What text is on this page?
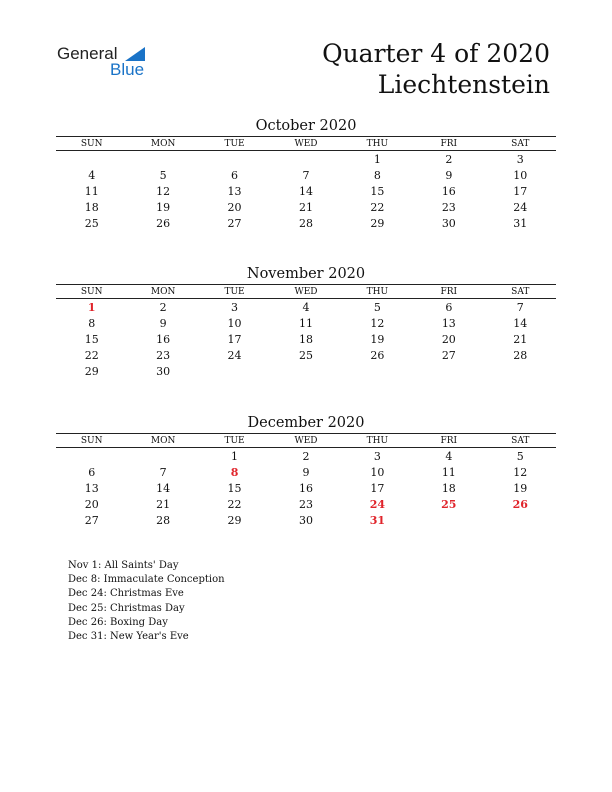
General
Blue
Quarter 4 of 2020
Liechtenstein
October 2020
SUN	MON	TUE	WED	THU	FRI	SAT
				1	2	3
4	5	6	7	8	9	10
11	12	13	14	15	16	17
18	19	20	21	22	23	24
25	26	27	28	29	30	31
November 2020
SUN	MON	TUE	WED	THU	FRI	SAT
1	2	3	4	5	6	7
8	9	10	11	12	13	14
15	16	17	18	19	20	21
22	23	24	25	26	27	28
29	30					
December 2020
SUN	MON	TUE	WED	THU	FRI	SAT
		1	2	3	4	5
6	7	8	9	10	11	12
13	14	15	16	17	18	19
20	21	22	23	24	25	26
27	28	29	30	31		
Nov 1: All Saints' Day
Dec 8: Immaculate Conception
Dec 24: Christmas Eve
Dec 25: Christmas Day
Dec 26: Boxing Day
Dec 31: New Year's Eve
